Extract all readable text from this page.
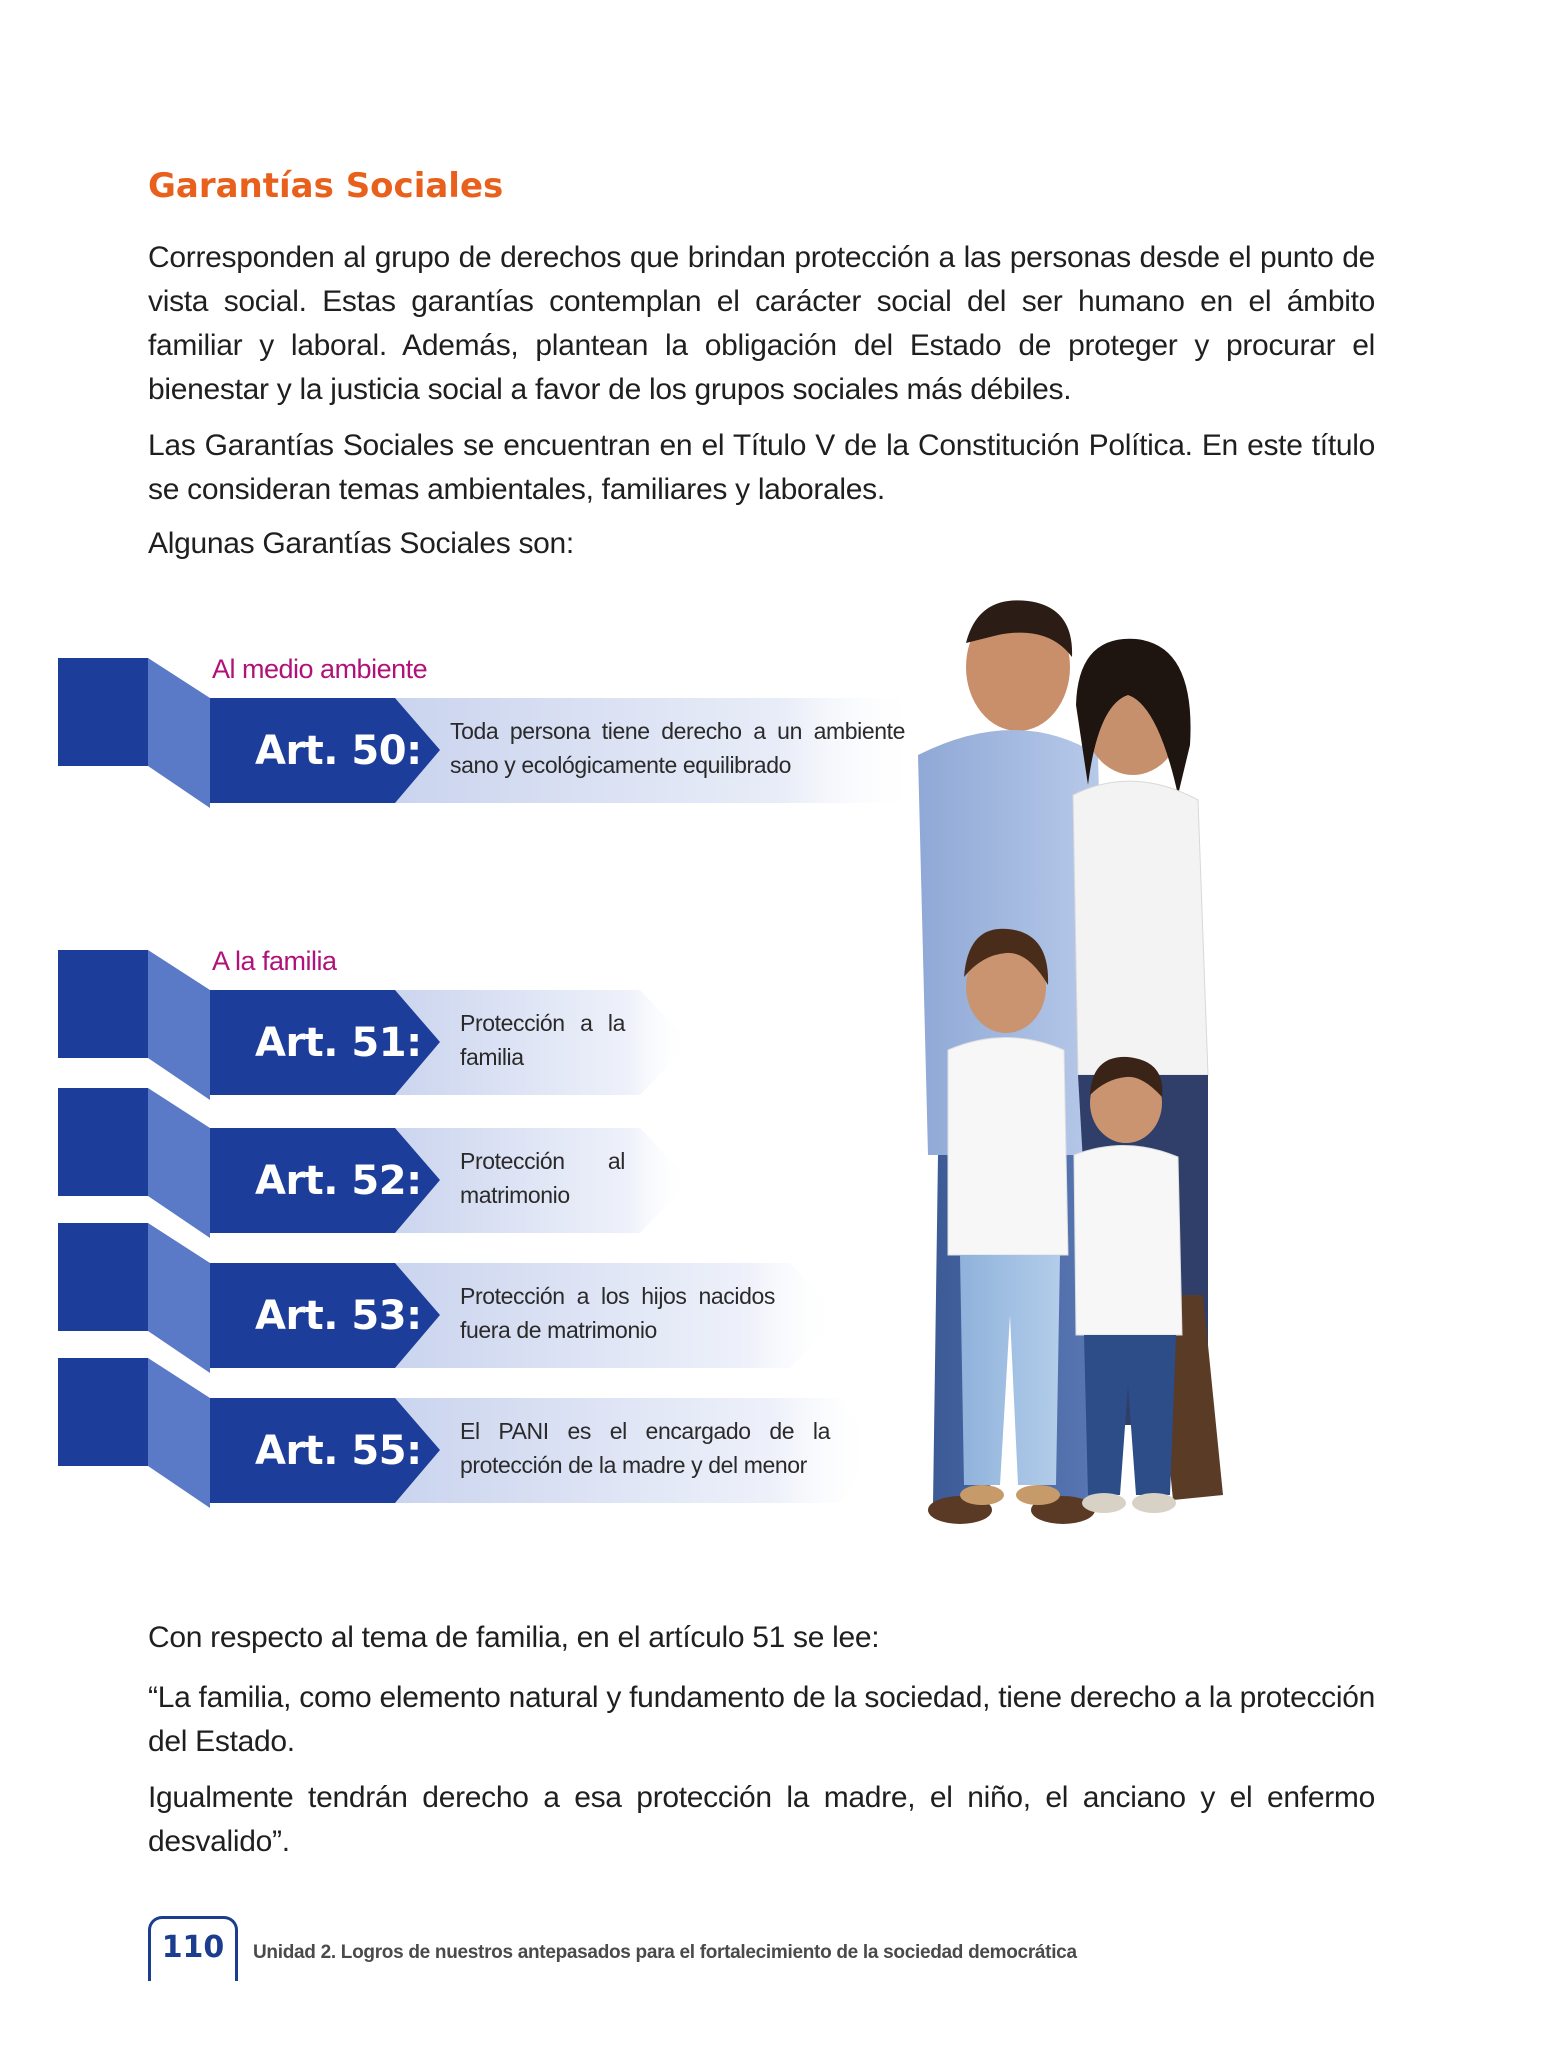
Garantías Sociales

Corresponden al grupo de derechos que brindan protección a las personas desde el punto de vista social. Estas garantías contemplan el carácter social del ser humano en el ámbito familiar y laboral. Además, plantean la obligación del Estado de proteger y procurar el bienestar y la justicia social a favor de los grupos sociales más débiles.

Las Garantías Sociales se encuentran en el Título V de la Constitución Política. En este título se consideran temas ambientales, familiares y laborales.

Algunas Garantías Sociales son:

Al medio ambiente

Art. 50: Toda persona tiene derecho a un ambiente
sano y ecológicamente equilibrado

A la familia

Art. 51: Protección a la
familia

Art. 52: Protección al
matrimonio

Art. 53: Protección a los hijos nacidos
fuera de matrimonio

Art. 55: El PANI es el encargado de la
protección de la madre y del menor

Con respecto al tema de familia, en el artículo 51 se lee:

“La familia, como elemento natural y fundamento de la sociedad, tiene derecho a la protección del Estado.

Igualmente tendrán derecho a esa protección la madre, el niño, el anciano y el enfermo desvalido”.

110	Unidad 2. Logros de nuestros antepasados para el fortalecimiento de la sociedad democrática
